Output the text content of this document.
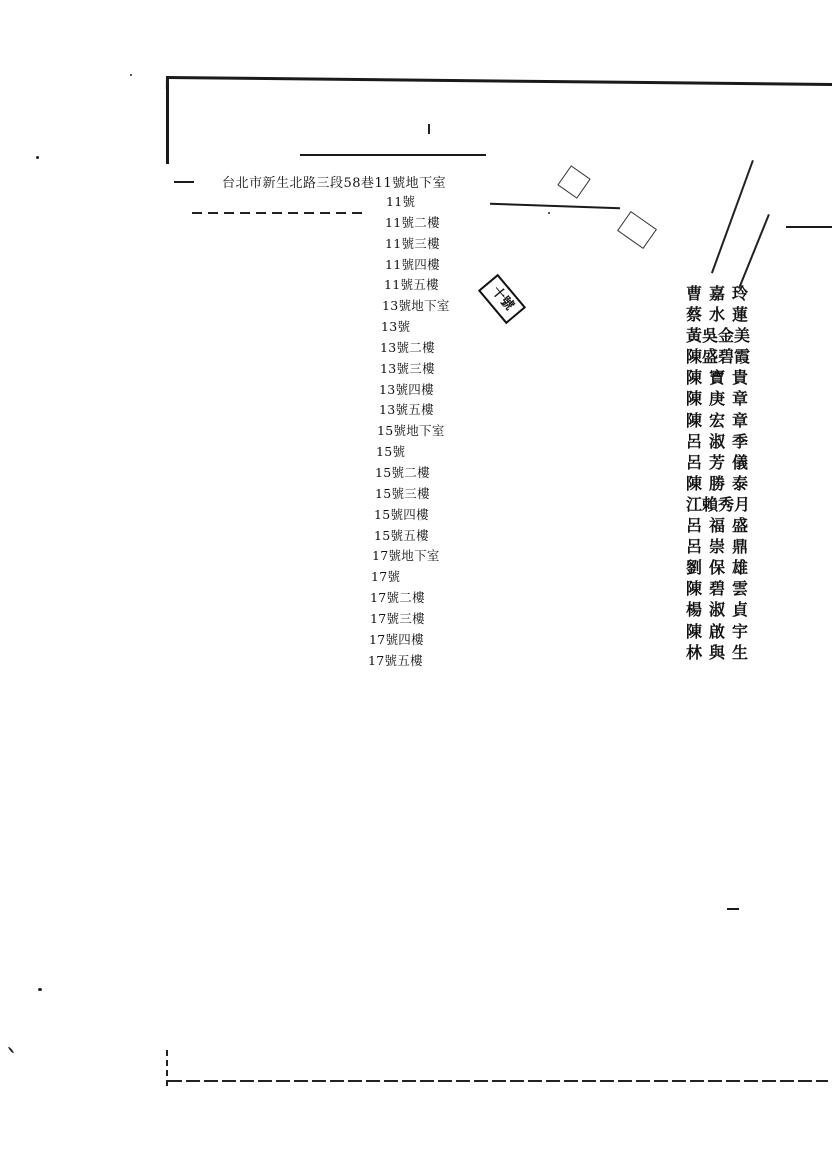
十號
台北市新生北路三段58巷11號地下室
11號
11號二樓
11號三樓
11號四樓
11號五樓
13號地下室
13號
13號二樓
13號三樓
13號四樓
13號五樓
15號地下室
15號
15號二樓
15號三樓
15號四樓
15號五樓
17號地下室
17號
17號二樓
17號三樓
17號四樓
17號五樓
曹嘉玲
蔡水蓮
黃吳金美
陳盛碧霞
陳寶貴
陳庚章
陳宏章
呂淑季
呂芳儀
陳勝泰
江賴秀月
呂福盛
呂崇鼎
劉保雄
陳碧雲
楊淑貞
陳啟宇
林與生
